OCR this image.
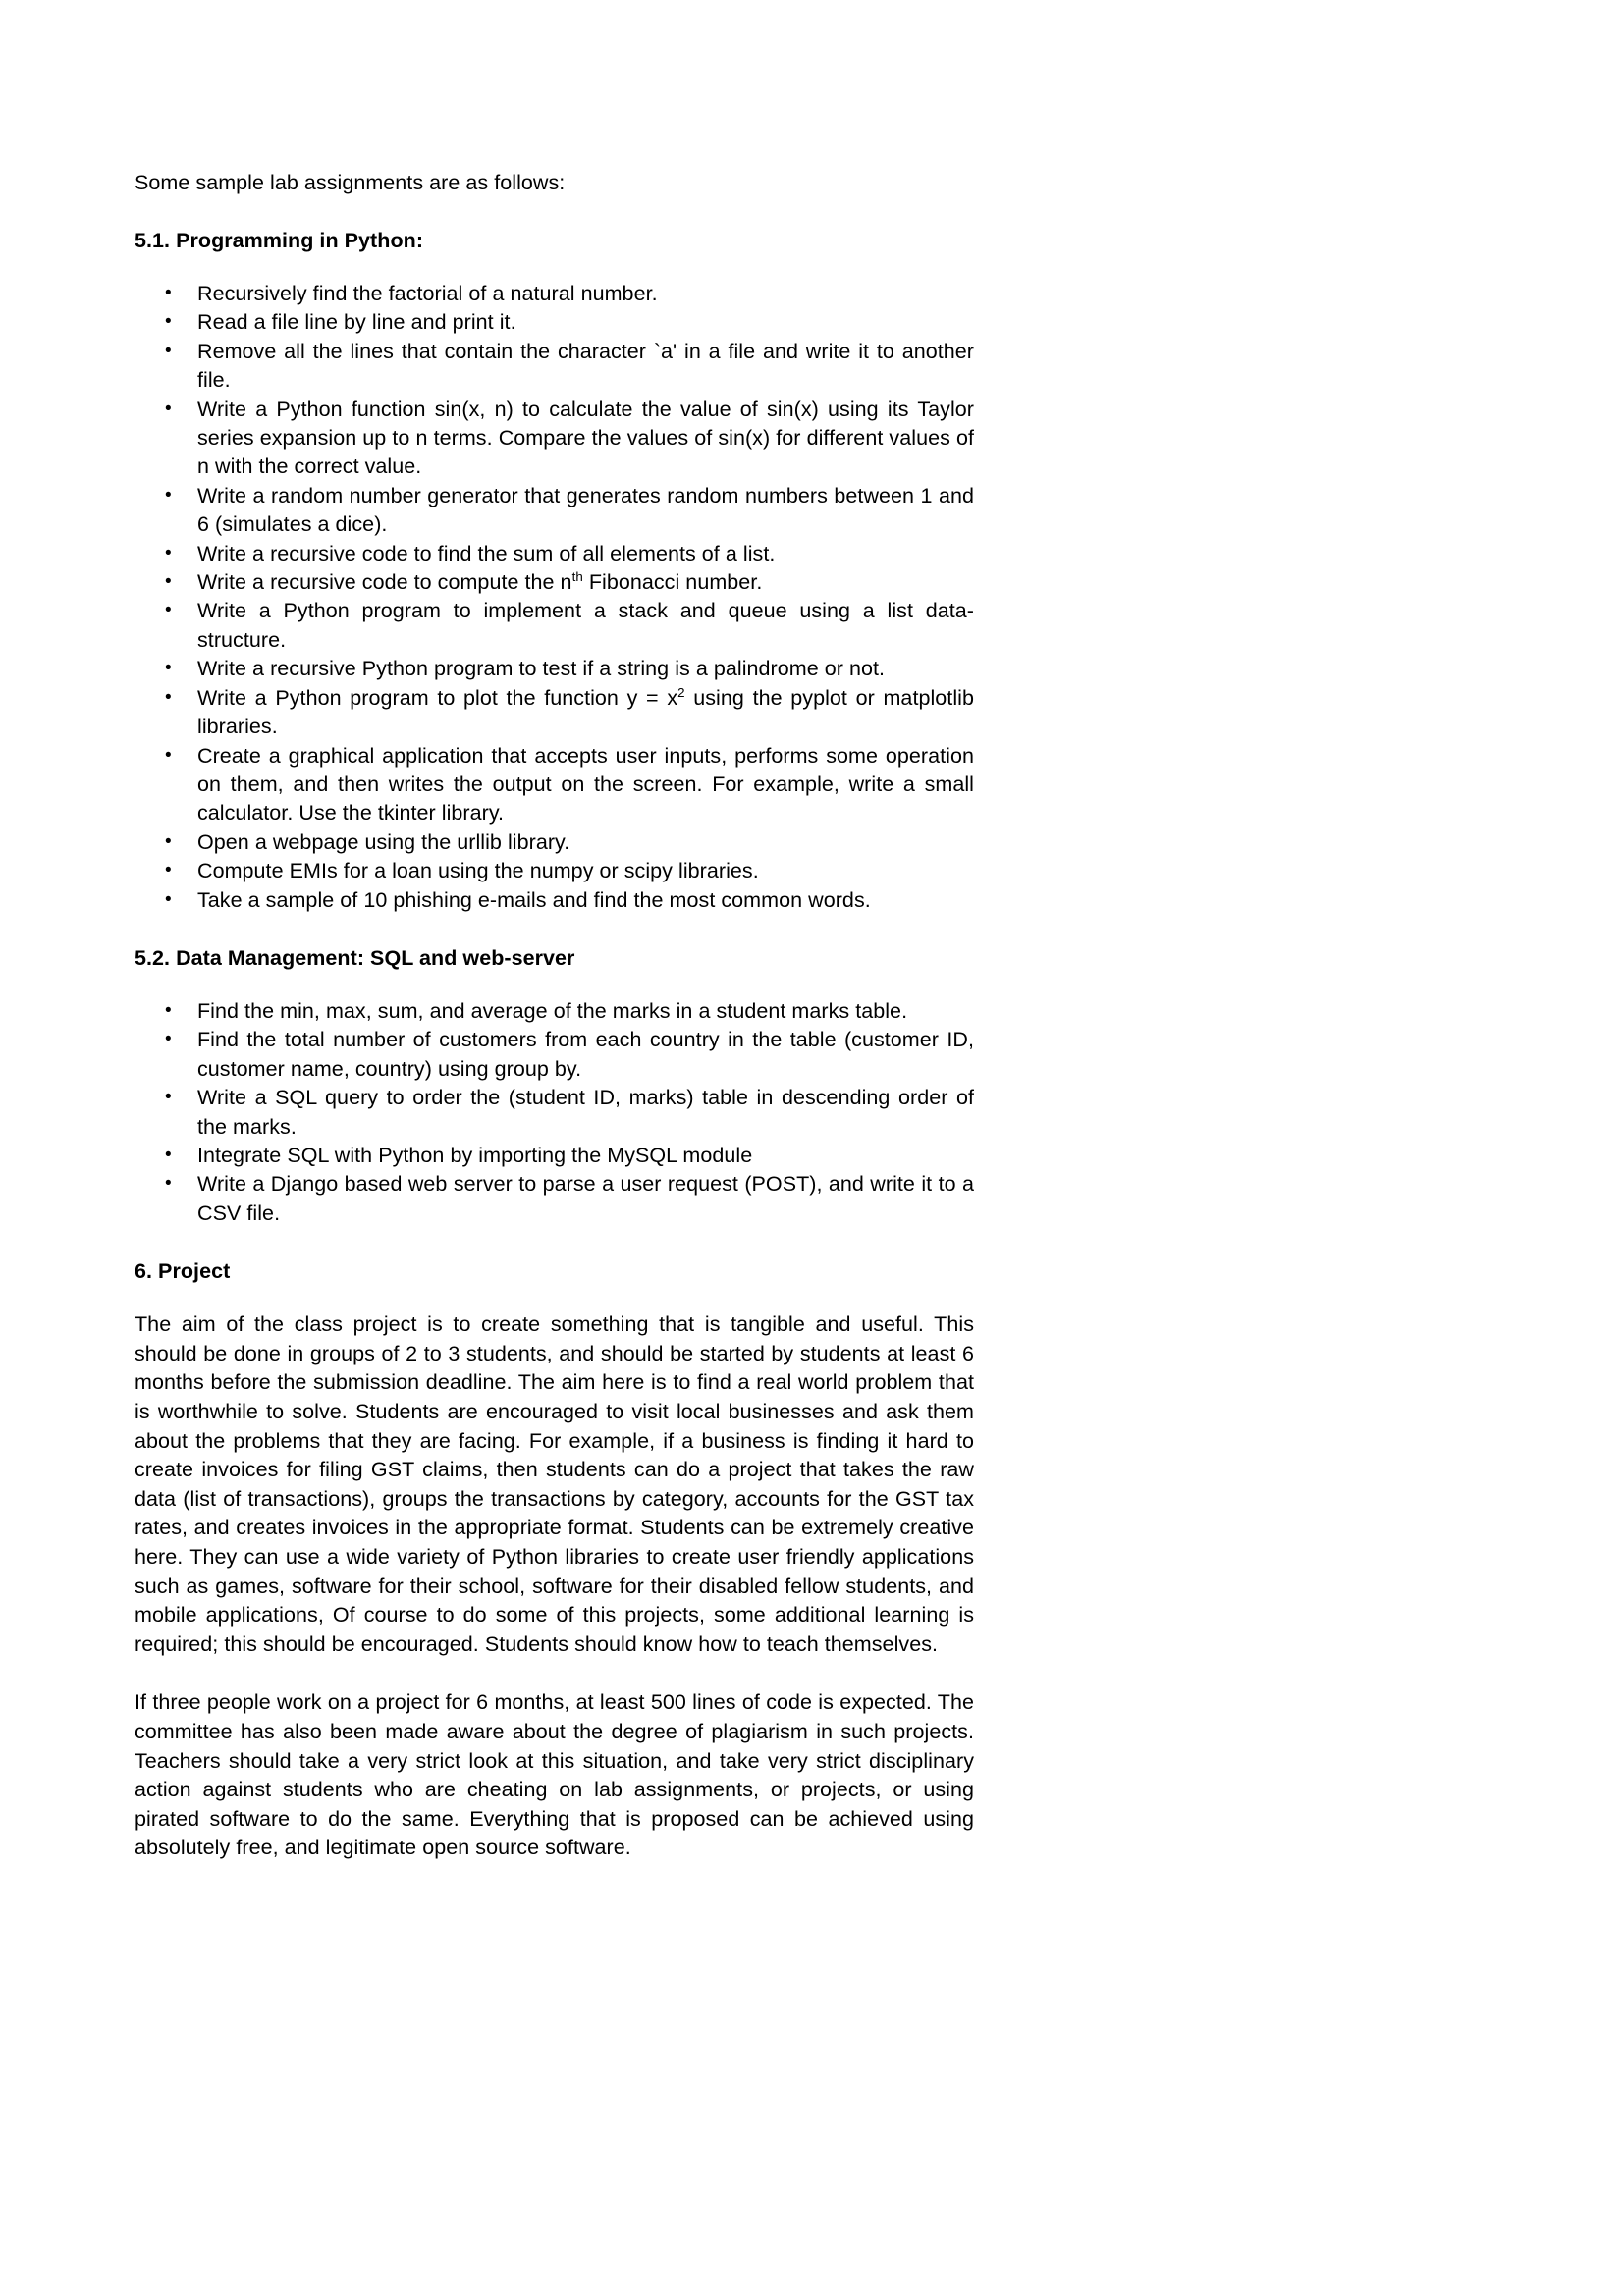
Some sample lab assignments are as follows:

5.1. Programming in Python:
• Recursively find the factorial of a natural number.
• Read a file line by line and print it.
• Remove all the lines that contain the character `a' in a file and write it to another file.
• Write a Python function sin(x, n) to calculate the value of sin(x) using its Taylor series expansion up to n terms. Compare the values of sin(x) for different values of n with the correct value.
• Write a random number generator that generates random numbers between 1 and 6 (simulates a dice).
• Write a recursive code to find the sum of all elements of a list.
• Write a recursive code to compute the $n^{th}$ Fibonacci number.
• Write a Python program to implement a stack and queue using a list data-structure.
• Write a recursive Python program to test if a string is a palindrome or not.
• Write a Python program to plot the function $y = x^2$ using the pyplot or matplotlib libraries.
• Create a graphical application that accepts user inputs, performs some operation on them, and then writes the output on the screen. For example, write a small calculator. Use the tkinter library.
• Open a webpage using the urllib library.
• Compute EMIs for a loan using the numpy or scipy libraries.
• Take a sample of 10 phishing e-mails and find the most common words.
5.2. Data Management: SQL and web-server
• Find the min, max, sum, and average of the marks in a student marks table.
• Find the total number of customers from each country in the table (customer ID, customer name, country) using group by.
• Write a SQL query to order the (student ID, marks) table in descending order of the marks.
• Integrate SQL with Python by importing the MySQL module
• Write a Django based web server to parse a user request (POST), and write it to a CSV file.
6. Project

The aim of the class project is to create something that is tangible and useful. This should be done in groups of 2 to 3 students, and should be started by students at least 6 months before the submission deadline. The aim here is to find a real world problem that is worthwhile to solve. Students are encouraged to visit local businesses and ask them about the problems that they are facing. For example, if a business is finding it hard to create invoices for filing GST claims, then students can do a project that takes the raw data (list of transactions), groups the transactions by category, accounts for the GST tax rates, and creates invoices in the appropriate format. Students can be extremely creative here. They can use a wide variety of Python libraries to create user friendly applications such as games, software for their school, software for their disabled fellow students, and mobile applications, Of course to do some of this projects, some additional learning is required; this should be encouraged. Students should know how to teach themselves.

If three people work on a project for 6 months, at least 500 lines of code is expected. The committee has also been made aware about the degree of plagiarism in such projects. Teachers should take a very strict look at this situation, and take very strict disciplinary action against students who are cheating on lab assignments, or projects, or using pirated software to do the same. Everything that is proposed can be achieved using absolutely free, and legitimate open source software.
